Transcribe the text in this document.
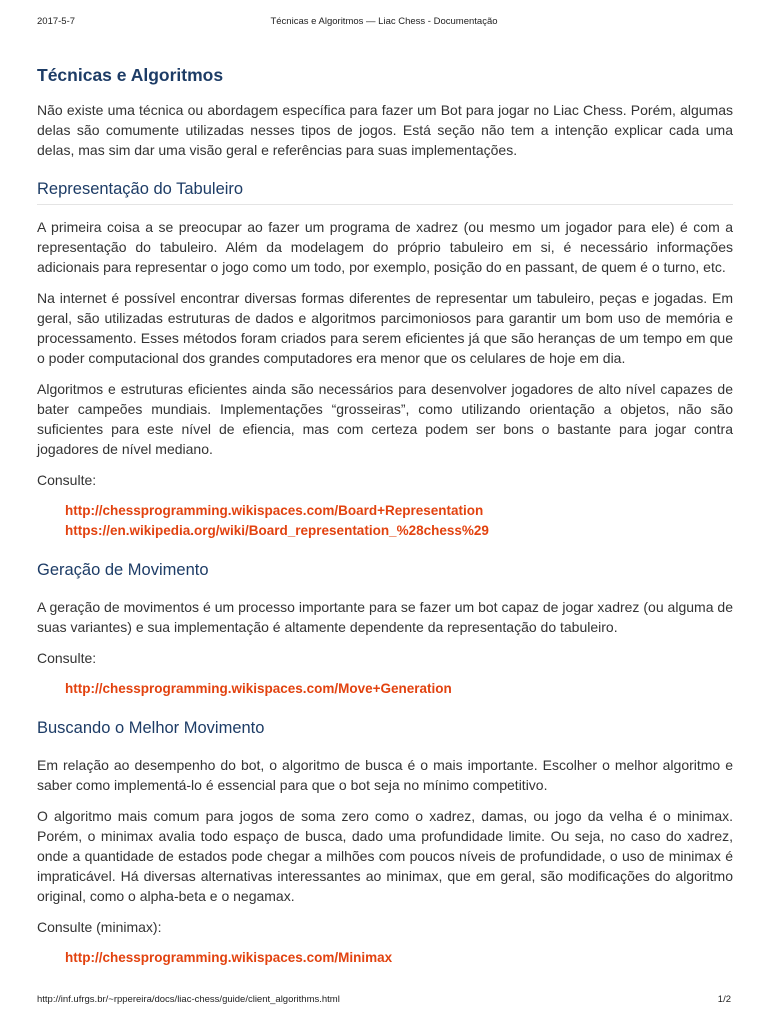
2017-5-7	Técnicas e Algoritmos — Liac Chess - Documentação
Técnicas e Algoritmos

Não existe uma técnica ou abordagem específica para fazer um Bot para jogar no Liac Chess. Porém, algumas delas são comumente utilizadas nesses tipos de jogos. Está seção não tem a intenção explicar cada uma delas, mas sim dar uma visão geral e referências para suas implementações.

Representação do Tabuleiro

A primeira coisa a se preocupar ao fazer um programa de xadrez (ou mesmo um jogador para ele) é com a representação do tabuleiro. Além da modelagem do próprio tabuleiro em si, é necessário informações adicionais para representar o jogo como um todo, por exemplo, posição do en passant, de quem é o turno, etc.

Na internet é possível encontrar diversas formas diferentes de representar um tabuleiro, peças e jogadas. Em geral, são utilizadas estruturas de dados e algoritmos parcimoniosos para garantir um bom uso de memória e processamento. Esses métodos foram criados para serem eficientes já que são heranças de um tempo em que o poder computacional dos grandes computadores era menor que os celulares de hoje em dia.

Algoritmos e estruturas eficientes ainda são necessários para desenvolver jogadores de alto nível capazes de bater campeões mundiais. Implementações “grosseiras”, como utilizando orientação a objetos, não são suficientes para este nível de efiencia, mas com certeza podem ser bons o bastante para jogar contra jogadores de nível mediano.

Consulte:

http://chessprogramming.wikispaces.com/Board+Representation
https://en.wikipedia.org/wiki/Board_representation_%28chess%29
Geração de Movimento

A geração de movimentos é um processo importante para se fazer um bot capaz de jogar xadrez (ou alguma de suas variantes) e sua implementação é altamente dependente da representação do tabuleiro.

Consulte:

http://chessprogramming.wikispaces.com/Move+Generation
Buscando o Melhor Movimento

Em relação ao desempenho do bot, o algoritmo de busca é o mais importante. Escolher o melhor algoritmo e saber como implementá-lo é essencial para que o bot seja no mínimo competitivo.

O algoritmo mais comum para jogos de soma zero como o xadrez, damas, ou jogo da velha é o minimax. Porém, o minimax avalia todo espaço de busca, dado uma profundidade limite. Ou seja, no caso do xadrez, onde a quantidade de estados pode chegar a milhões com poucos níveis de profundidade, o uso de minimax é impraticável. Há diversas alternativas interessantes ao minimax, que em geral, são modificações do algoritmo original, como o alpha-beta e o negamax.

Consulte (minimax):

http://chessprogramming.wikispaces.com/Minimax
http://inf.ufrgs.br/~rppereira/docs/liac-chess/guide/client_algorithms.html	1/2
